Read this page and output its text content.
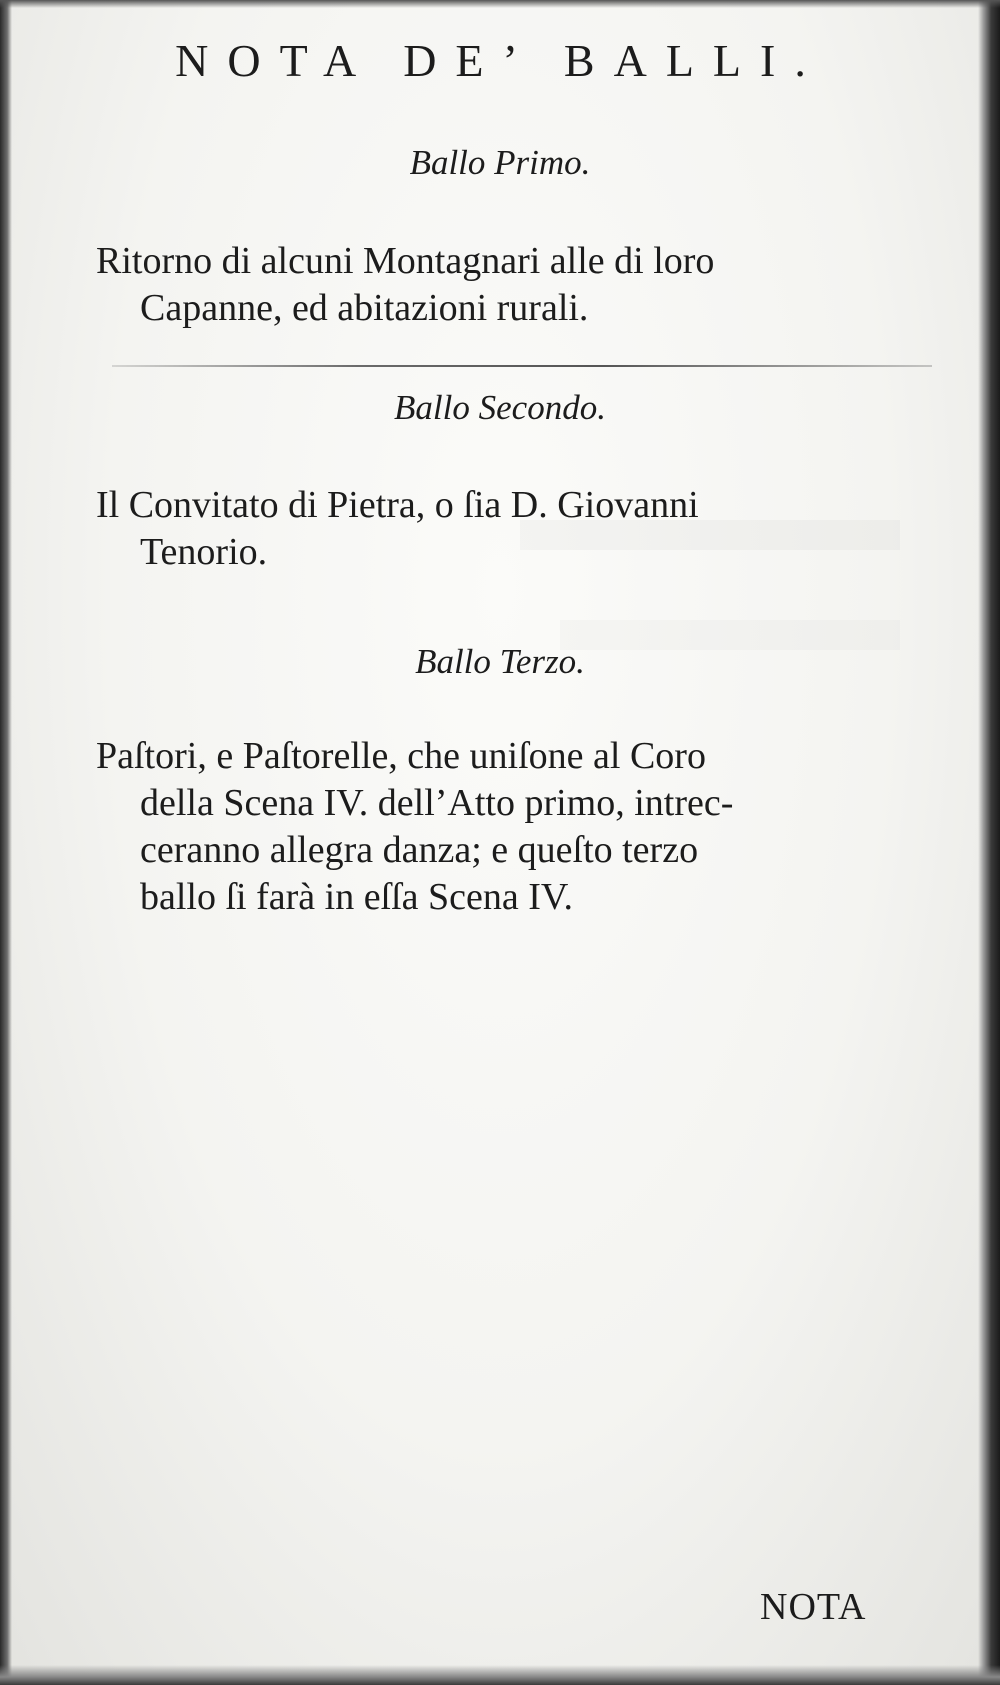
NOTA DE’ BALLI.
Ballo Primo.
Ritorno di alcuni Montagnari alle di loro
Capanne, ed abitazioni rurali.
Ballo Secondo.
Il Convitato di Pietra, o ſia D. Giovanni
Tenorio.
Ballo Terzo.
Paſtori, e Paſtorelle, che uniſone al Coro
della Scena IV. dell’Atto primo, intrec-
ceranno allegra danza; e queſto terzo
ballo ſi farà in eſſa Scena IV.
NOTA
